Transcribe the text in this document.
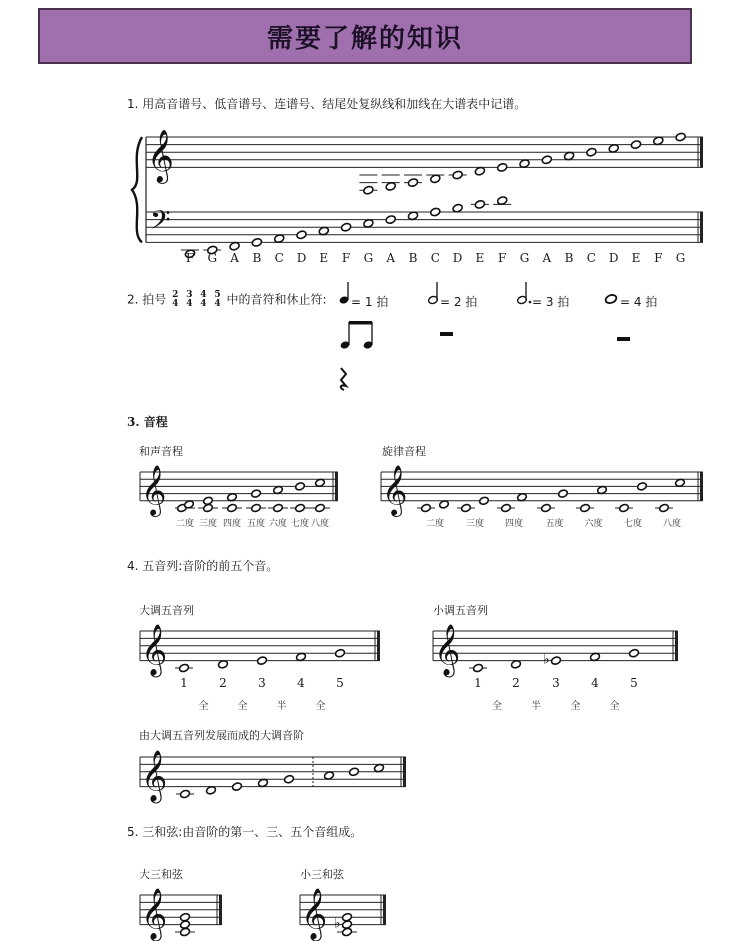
需要了解的知识
1. 用高音谱号、低音谱号、连谱号、结尾处复纵线和加线在大谱表中记谱。
𝄞
𝄢
𝄞	𝄞
𝄞	𝄞	♭
𝄞
𝄞	𝄞 ♭
F G A B C D E F G A B C D E F G A B C D E F G
2. 拍号 2
4 3
4 4
4 5
4 中的音符和休止符: = 1 拍	= 2 拍	= 3 拍	= 4 拍
3. 音程
和声音程	旋律音程
二度 三度 四度 五度 六度 七度 八度	二度 三度 四度 五度 六度 七度 八度
4. 五音列:音阶的前五个音。
大调五音列	小调五音列
1	2	3	4	5	1	2	3	4	5
全	全	半	全	全	半	全	全
由大调五音列发展而成的大调音阶
5. 三和弦:由音阶的第一、三、五个音组成。
大三和弦	小三和弦
